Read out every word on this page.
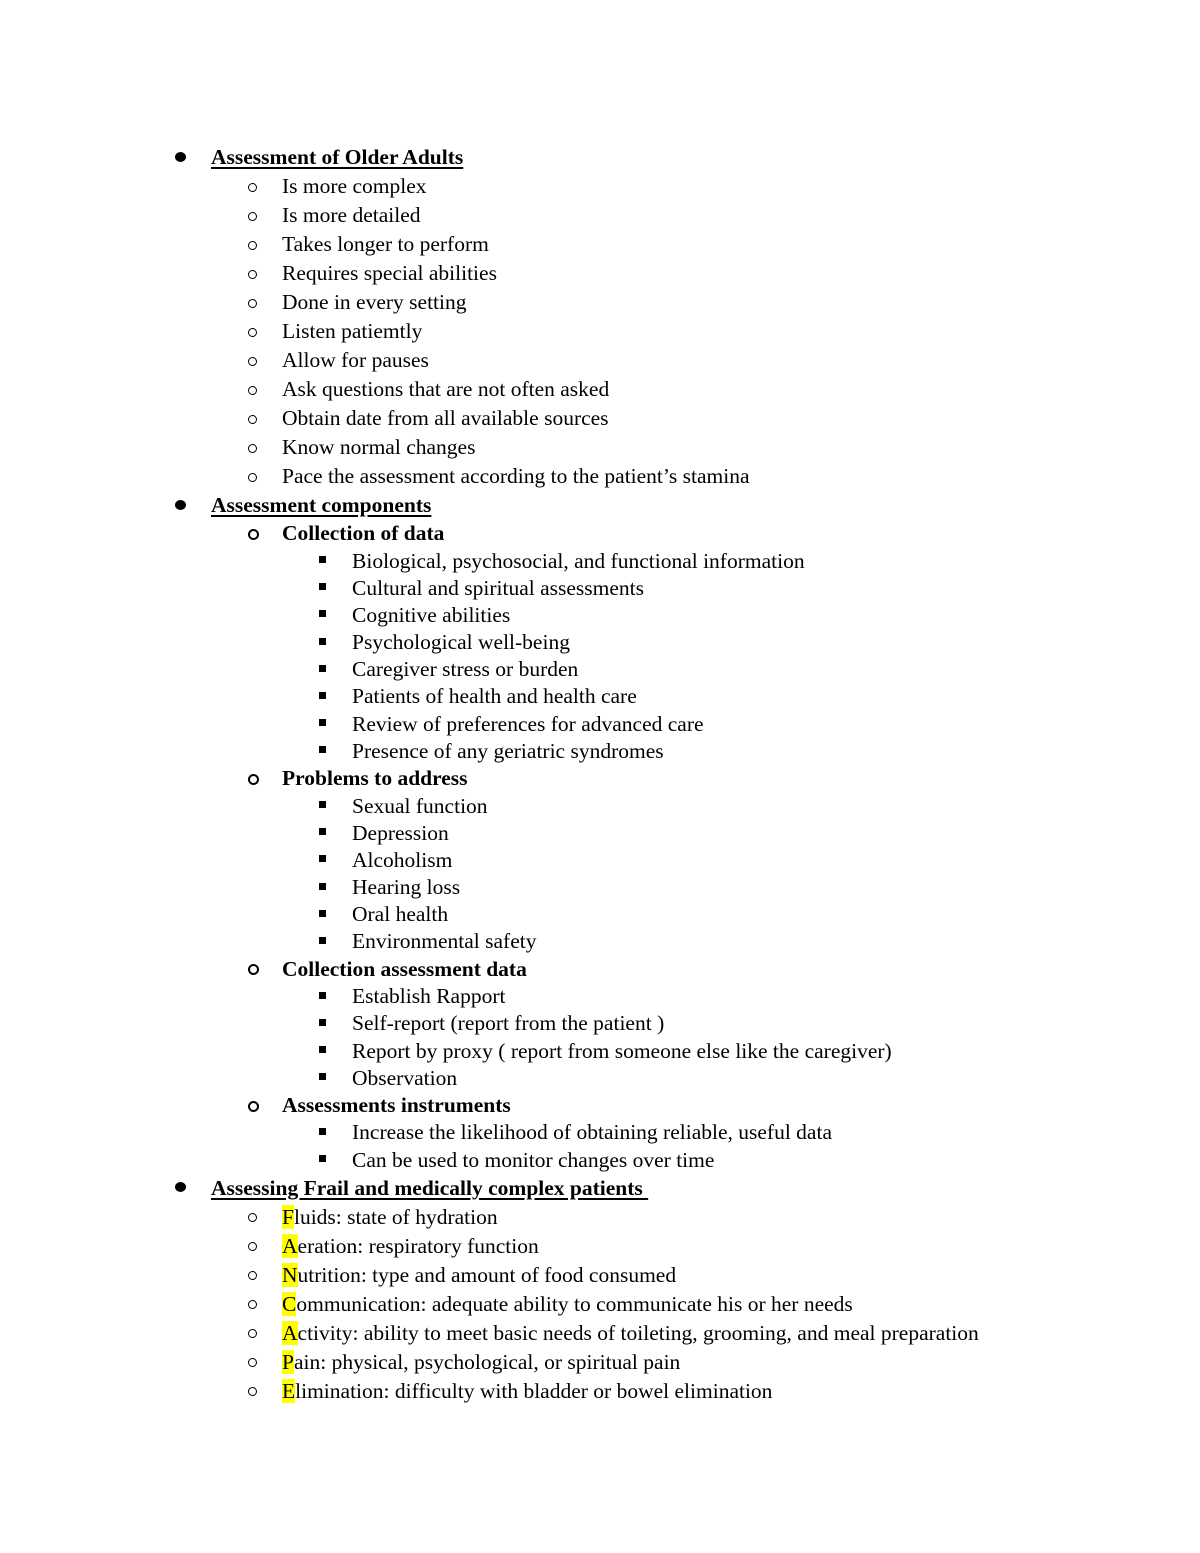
Assessment of Older Adults
Is more complex
Is more detailed
Takes longer to perform
Requires special abilities
Done in every setting
Listen patiemtly
Allow for pauses
Ask questions that are not often asked
Obtain date from all available sources
Know normal changes
Pace the assessment according to the patient’s stamina
Assessment components
Collection of data
Biological, psychosocial, and functional information
Cultural and spiritual assessments
Cognitive abilities
Psychological well-being
Caregiver stress or burden
Patients of health and health care
Review of preferences for advanced care
Presence of any geriatric syndromes
Problems to address
Sexual function
Depression
Alcoholism
Hearing loss
Oral health
Environmental safety
Collection assessment data
Establish Rapport
Self-report (report from the patient )
Report by proxy ( report from someone else like the caregiver)
Observation
Assessments instruments
Increase the likelihood of obtaining reliable, useful data
Can be used to monitor changes over time
Assessing Frail and medically complex patients
Fluids: state of hydration
Aeration: respiratory function
Nutrition: type and amount of food consumed
Communication: adequate ability to communicate his or her needs
Activity: ability to meet basic needs of toileting, grooming, and meal preparation
Pain: physical, psychological, or spiritual pain
Elimination: difficulty with bladder or bowel elimination
